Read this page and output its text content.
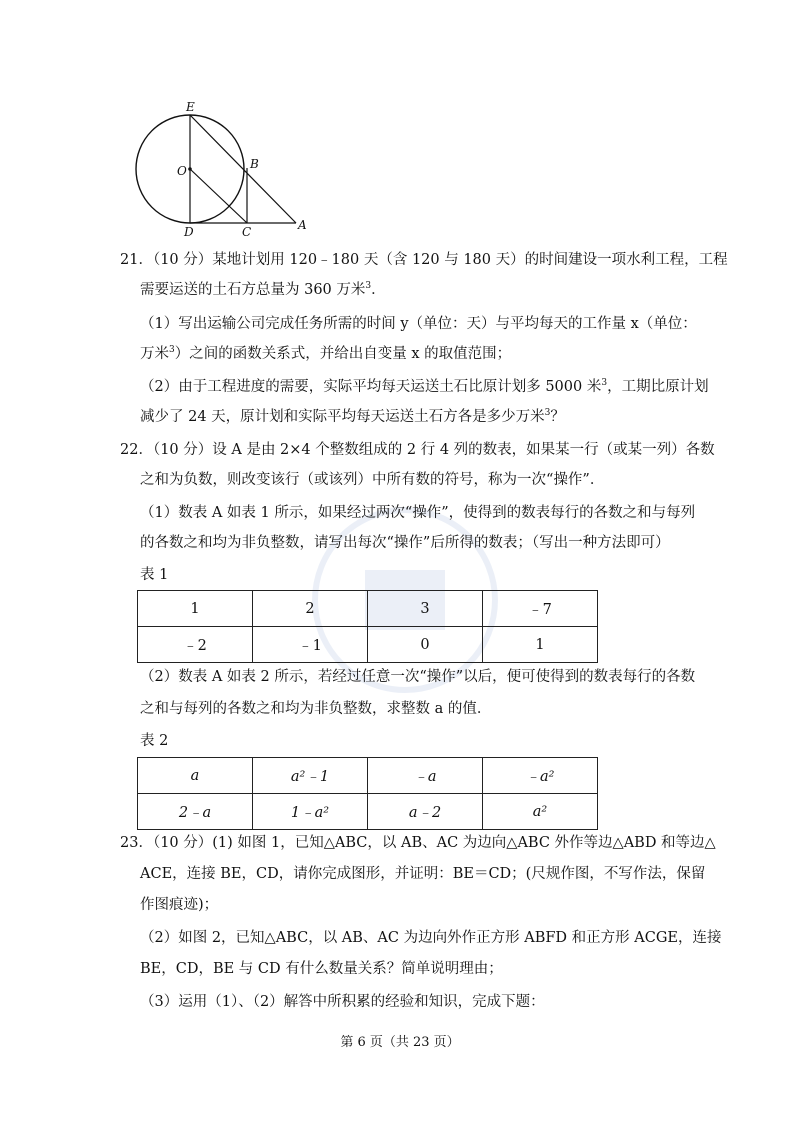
E
O	B
D	C	A
21．（10 分）某地计划用 120﹣180 天（含 120 与 180 天）的时间建设一项水利工程，工程
需要运送的土石方总量为 360 万米$^3$．
（1）写出运输公司完成任务所需的时间 y（单位：天）与平均每天的工作量 x（单位：
万米$^3$）之间的函数关系式，并给出自变量 x 的取值范围；
（2）由于工程进度的需要，实际平均每天运送土石比原计划多 5000 米$^3$，工期比原计划
减少了 24 天，原计划和实际平均每天运送土石方各是多少万米$^3$？
22．（10 分）设 A 是由 2×4 个整数组成的 2 行 4 列的数表，如果某一行（或某一列）各数
之和为负数，则改变该行（或该列）中所有数的符号，称为一次“操作”．
（1）数表 A 如表 1 所示，如果经过两次“操作”，使得到的数表每行的各数之和与每列
的各数之和均为非负整数，请写出每次“操作”后所得的数表；（写出一种方法即可）
表 1
1	2	3	﹣7
﹣2	﹣1	0	1
（2）数表 A 如表 2 所示，若经过任意一次“操作”以后，便可使得到的数表每行的各数
之和与每列的各数之和均为非负整数，求整数 a 的值．
表 2
a	a²﹣1	﹣a	﹣a²
2﹣a	1﹣a²	a﹣2	a²
23．（10 分）(1) 如图 1，已知△ABC，以 AB、AC 为边向△ABC 外作等边△ABD 和等边△
ACE，连接 BE，CD，请你完成图形，并证明：BE＝CD；(尺规作图，不写作法，保留
作图痕迹)；
（2）如图 2，已知△ABC，以 AB、AC 为边向外作正方形 ABFD 和正方形 ACGE，连接
BE，CD，BE 与 CD 有什么数量关系？简单说明理由；
（3）运用（1）、（2）解答中所积累的经验和知识，完成下题：
第 6 页（共 23 页）
